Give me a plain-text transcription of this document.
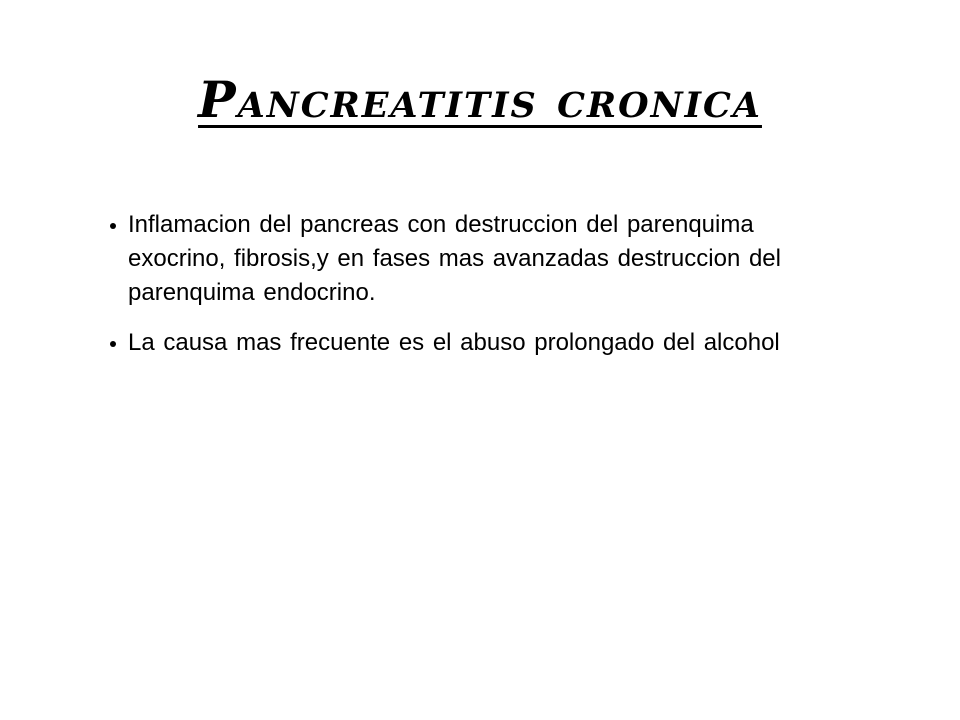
Pancreatitis cronica
Inflamacion del pancreas con destruccion del parenquima exocrino, fibrosis,y en fases mas avanzadas destruccion del parenquima endocrino.
La causa mas frecuente es el abuso prolongado del alcohol
